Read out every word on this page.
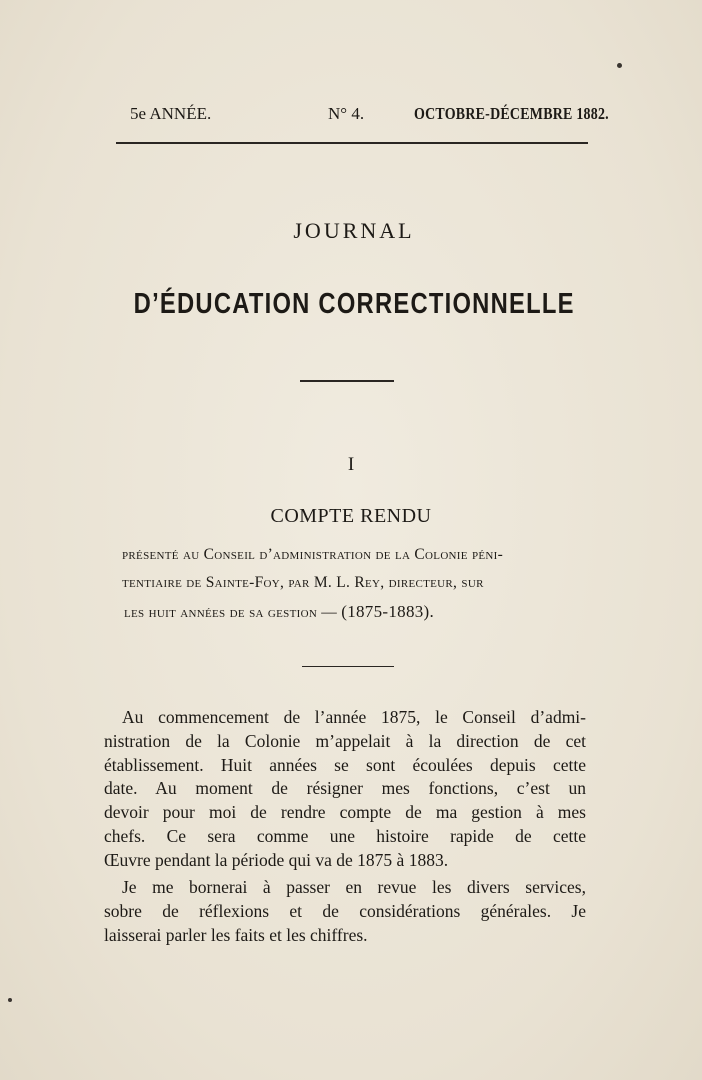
5e ANNÉE.	N° 4.	OCTOBRE-DÉCEMBRE 1882.
JOURNAL
D’ÉDUCATION CORRECTIONNELLE
I
COMPTE RENDU
présenté au Conseil d’administration de la Colonie péni-
tentiaire de Sainte-Foy, par M. L. Rey, directeur, sur
les huit années de sa gestion — (1875-1883).

Au commencement de l’année 1875, le Conseil d’admi-

nistration de la Colonie m’appelait à la direction de cet

établissement. Huit années se sont écoulées depuis cette

date. Au moment de résigner mes fonctions, c’est un

devoir pour moi de rendre compte de ma gestion à mes

chefs. Ce sera comme une histoire rapide de cette

Œuvre pendant la période qui va de 1875 à 1883.

Je me bornerai à passer en revue les divers services,

sobre de réflexions et de considérations générales. Je

laisserai parler les faits et les chiffres.
